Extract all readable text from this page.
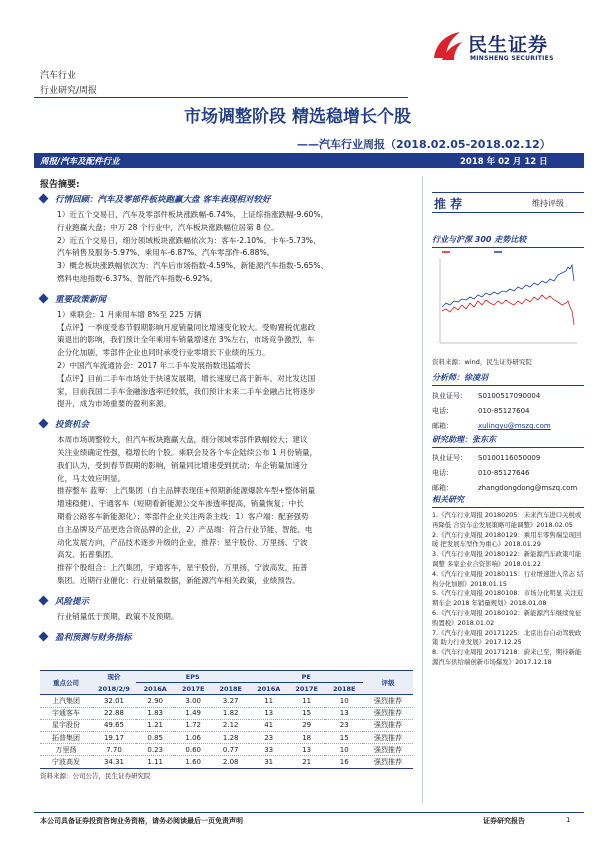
民生证券
MINSHENG SECURITIES
汽车行业
行业研究/周报
市场调整阶段 精选稳增长个股
——汽车行业周报（2018.02.05-2018.02.12）
周报/汽车及配件行业	2018 年 02 月 12 日
报告摘要:
行情回顾：汽车及零部件板块跑赢大盘 客车表现相对较好
1）近五个交易日，汽车及零部件板块涨跌幅-6.74%，上证综指涨跌幅-9.60%，
行业跑赢大盘；中万 28 个行业中，汽车板块涨跌幅位居第 8 位。
2）近五个交易日，细分领域板块涨跌幅依次为：客车-2.10%、卡车-5.73%、
汽车销售及服务-5.97%、乘用车-6.87%、汽车零部件-6.88%。
3）概念板块涨跌幅依次为：汽车后市场指数-4.59%、新能源汽车指数-5.65%、
燃料电池指数-6.37%、智能汽车指数-6.92%。
重要政策新闻
1）乘联会：1 月乘用车增 8%至 225 万辆
【点评】一季度受春节假期影响月度销量同比增速变化较大。受购置税优惠政
策退出的影响，我们预计全年乘用车销量增速在 3%左右，市场竞争激烈，车
企分化加剧，零部件企业也同时承受行业零增长下业绩的压力。
2）中国汽车流通协会：2017 年二手车发展指数迅猛增长
【点评】目前二手车市场处于快速发展期，增长速度已高于新车。对比发达国
家，目前我国二手车金融渗透率还较低，我们预计未来二手车金融占比将逐步
提升，成为市场重要的盈利来源。
投资机会
本周市场调整较大，但汽车板块跑赢大盘，细分领域零部件跌幅较大；建议
关注业绩确定性强，稳增长的个股。乘联会及各个车企陆续公布 1 月份销量，
我们认为，受到春节假期的影响，销量同比增速受到扰动；车企销量加速分
化，马太效应明显。
推荐整车 蓝筹：上汽集团（自主品牌表现佳+预期新能源爆款车型+整体销量
增速稳健）、宇通客车（短期看新能源公交车渗透率提高，销量恢复；中长
期看公路客车新能源化）；零部件企业关注两条主线：1）客户端：配套强势
自主品牌及产品更迭合资品牌的企业，2）产品端：符合行业节能、智能、电
动化发展方向，产品技术逐步升级的企业，推荐：星宇股份、万里扬、宁波
高发、拓普集团。
推荐个股组合：上汽集团，宇通客车，星宇股份，万里扬，宁波高发，拓普
集团。近期行业催化：行业销量数据，新能源汽车相关政策，业绩预告。
风险提示
行业销量低于预期，政策不及预期。
盈利预测与财务指标
重点公司	现价	EPS			PE			评级
	2018/2/9	2016A	2017E	2018E	2016A	2017E	2018E	
上汽集团	32.01	2.90	3.00	3.27	11	11	10	强烈推荐
宇通客车	22.88	1.83	1.49	1.82	13	15	13	强烈推荐
星宇股份	49.65	1.21	1.72	2.12	41	29	23	强烈推荐
拓普集团	19.17	0.85	1.06	1.28	23	18	15	强烈推荐
万里扬	7.70	0.23	0.60	0.77	33	13	10	强烈推荐
宁波高发	34.31	1.11	1.60	2.08	31	21	16	强烈推荐
资料来源：公司公告，民生证券研究院
推 荐	维持评级
行业与沪深 300 走势比较
资料来源：wind，民生证券研究院
分析师：徐凌羽
执业证号： S0100517090004
电话：	010-85127604
邮箱：	xulingyu@mszq.com
研究助理：张东东
执业证号： S0100116050009
电话：	010-85127646
邮箱：	zhangdongdong@mszq.com
相关研究
1.《汽车行业周报 20180205：未来汽车进口关税或再降低 合资车企发展策略可能调整》2018.02.05
2.《汽车行业周报 20180129：乘用车零售端呈现回暖 把发展车型作为重心》2018.01.29
3.《汽车行业周报 20180122：新能源汽车政策可能调整 多家企业合资影响》2018.01.22
4.《汽车行业周报 20180115：行业增速进入常态 结构分化加剧》2018.01.15
5.《汽车行业周报 20180108：市场分化明显 关注近期车企 2018 年销量规划》2018.01.08
6.《汽车行业周报 20180102：新能源汽车继续免征购置税》2018.01.02
7.《汽车行业周报 20171225：北京出台自动驾驶政策 助力行业发展》2017.12.25
8.《汽车行业周报 20171218：蔚来已至，期待新能源汽车供给端创新市场爆发》2017.12.18
本公司具备证券投资咨询业务资格，请务必阅读最后一页免责声明	证券研究报告	1
